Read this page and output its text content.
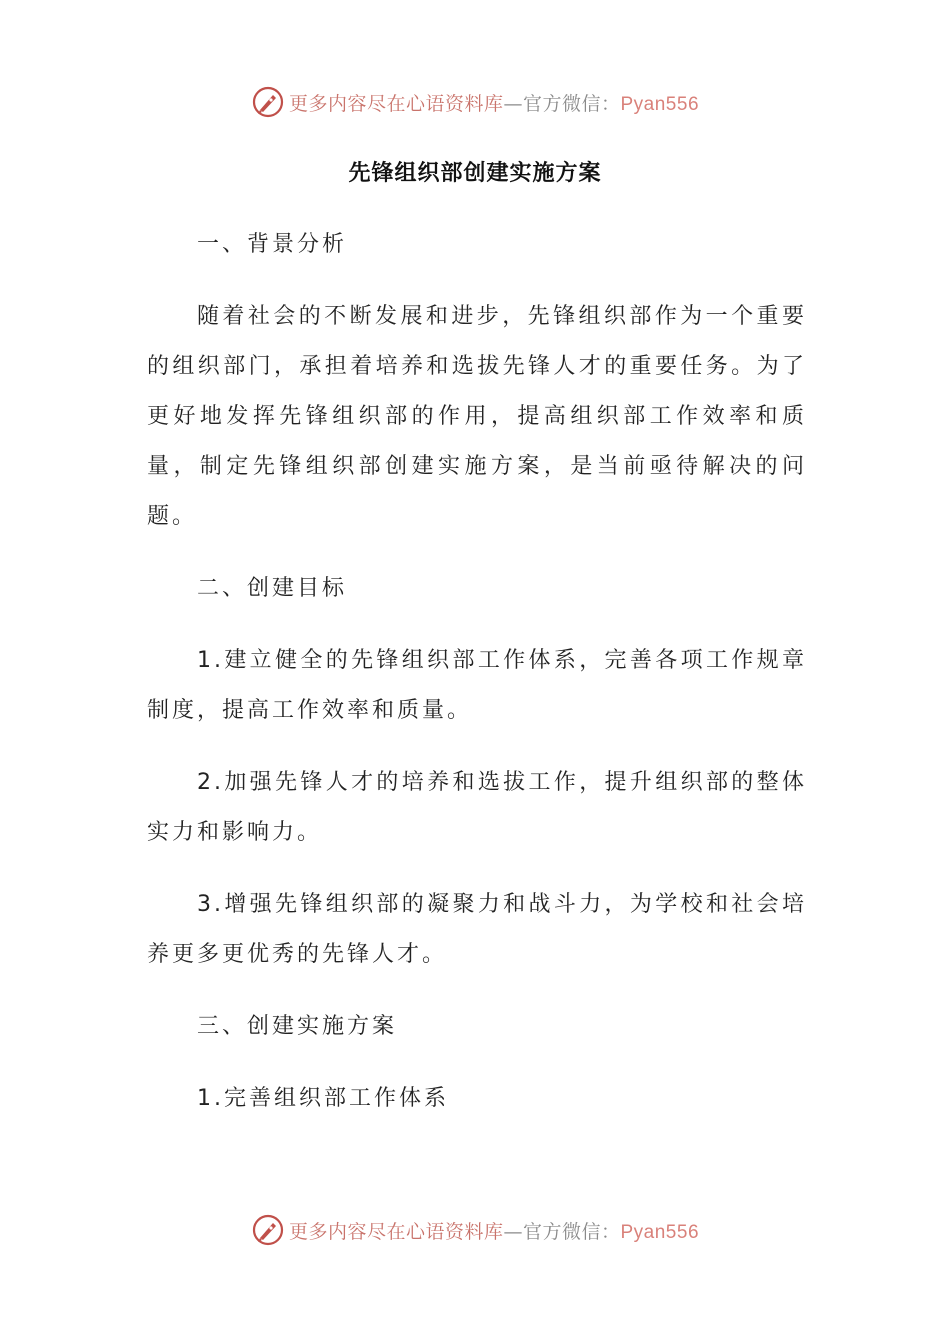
更多内容尽在心语资料库—官方微信：Pyan556
先锋组织部创建实施方案

一、背景分析

随着社会的不断发展和进步，先锋组织部作为一个重要的组织部门，承担着培养和选拔先锋人才的重要任务。为了更好地发挥先锋组织部的作用，提高组织部工作效率和质量，制定先锋组织部创建实施方案，是当前亟待解决的问题。

二、创建目标

1.建立健全的先锋组织部工作体系，完善各项工作规章制度，提高工作效率和质量。

2.加强先锋人才的培养和选拔工作，提升组织部的整体实力和影响力。

3.增强先锋组织部的凝聚力和战斗力，为学校和社会培养更多更优秀的先锋人才。

三、创建实施方案

1.完善组织部工作体系

更多内容尽在心语资料库—官方微信：Pyan556
